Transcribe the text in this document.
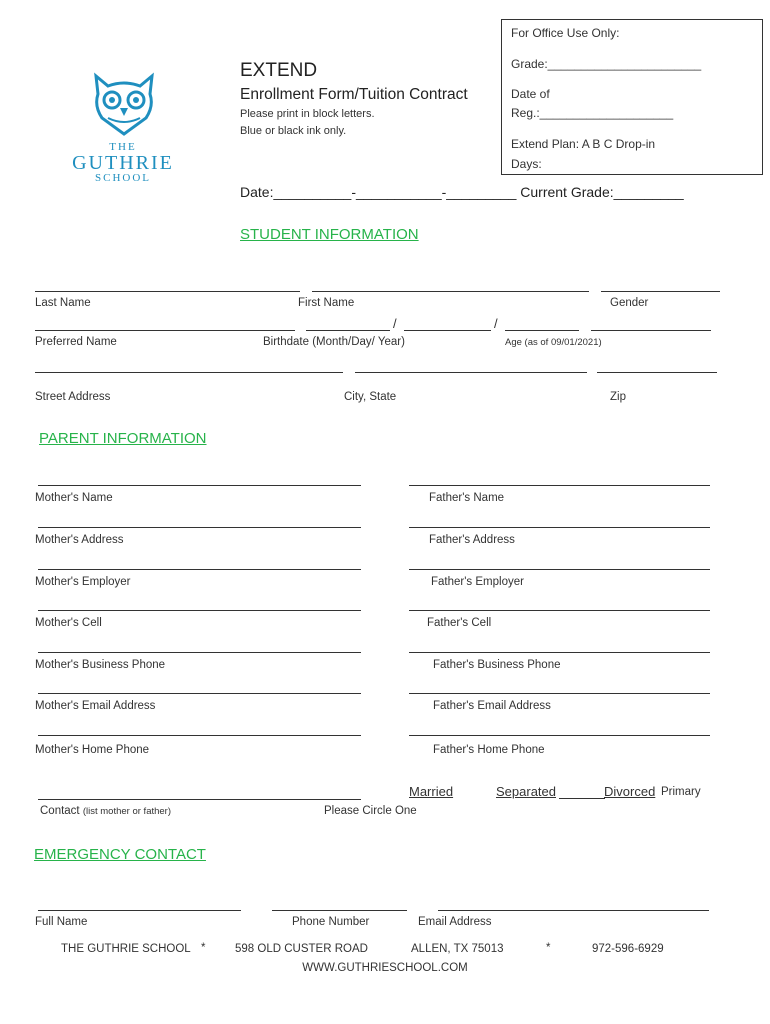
For Office Use Only:
Grade:_______________________
Date of
Reg.:____________________
Extend Plan: A B C Drop-in
Days:
THE
GUTHRIE
SCHOOL
EXTEND
Enrollment Form/Tuition Contract
Please print in block letters.
Blue or black ink only.
Date:__________-___________-_________ Current Grade:_________
STUDENT INFORMATION
Last Name	First Name	Gender
/	/
Preferred Name	Birthdate (Month/Day/ Year)	Age (as of 09/01/2021)
Street Address	City, State	Zip
PARENT INFORMATION
Mother's Name	Father's Name
Mother's Address	Father's Address
Mother's Employer	Father's Employer
Mother's Cell	Father's Cell
Mother's Business Phone	Father's Business Phone
Mother's Email Address	Father's Email Address
Mother's Home Phone	Father's Home Phone
Married	Separated	Divorced Primary
Contact (list mother or father)	Please Circle One
EMERGENCY CONTACT
Full Name	Phone Number	Email Address
THE GUTHRIE SCHOOL *	598 OLD CUSTER ROAD	ALLEN, TX 75013	*	972-596-6929
WWW.GUTHRIESCHOOL.COM
